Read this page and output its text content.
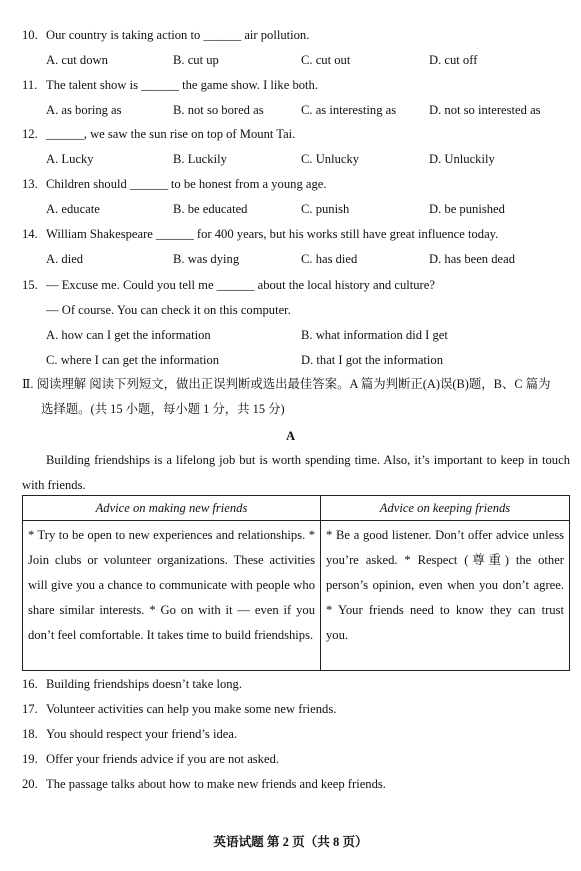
10. Our country is taking action to ______ air pollution.
A. cut down	B. cut up	C. cut out	D. cut off
11. The talent show is ______ the game show. I like both.
A. as boring as	B. not so bored as	C. as interesting as	D. not so interested as
12. ______, we saw the sun rise on top of Mount Tai.
A. Lucky	B. Luckily	C. Unlucky	D. Unluckily
13. Children should ______ to be honest from a young age.
A. educate	B. be educated	C. punish	D. be punished
14. William Shakespeare ______ for 400 years, but his works still have great influence today.
A. died	B. was dying	C. has died	D. has been dead
15. — Excuse me. Could you tell me ______ about the local history and culture?
— Of course. You can check it on this computer.
A. how can I get the information	B. what information did I get
C. where I can get the information	D. that I got the information
Ⅱ. 阅读理解 阅读下列短文，做出正误判断或选出最佳答案。A 篇为判断正(A)误(B)题，B、C 篇为
选择题。(共 15 小题，每小题 1 分，共 15 分)
A
Building friendships is a lifelong job but is worth spending time. Also, it’s important to keep in touch with friends.
Advice on making new friends	Advice on keeping friends
* Try to be open to new experiences and relationships. * Join clubs or volunteer organizations. These activities will give you a chance to communicate with people who share similar interests. * Go on with it — even if you don’t feel comfortable. It takes time to build friendships.	* Be a good listener. Don’t offer advice unless you’re asked. * Respect (尊重) the other person’s opinion, even when you don’t agree. * Your friends need to know they can trust you.
16. Building friendships doesn’t take long.
17. Volunteer activities can help you make some new friends.
18. You should respect your friend’s idea.
19. Offer your friends advice if you are not asked.
20. The passage talks about how to make new friends and keep friends.
英语试题 第 2 页（共 8 页）
